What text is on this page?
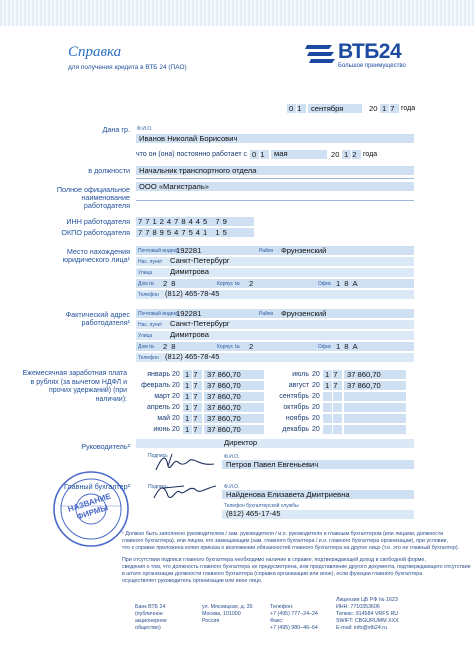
Справка
для получения кредита в ВТБ 24 (ПАО)
ВТБ24
Большое преимущество
01 сентября	20 17 года
Дана гр. Ф.И.О.
Иванов Николай Борисович
что он (она) постоянно работает с 01 мая	20 12 года
в должности Начальник транспортного отдела
Полное официальное наименование работодателя
ООО «Магистраль»
ИНН работодателя 7712478445 79
ОКПО работодателя 7789547541 15
Место нахождения юридического лица¹
Почтовый индекс
192281	Район Фрунзенский
Нас. пункт Санкт-Петербург
Улица Димитрова
Дом № 28	Корпус № 2	Офис 18А
Телефон (812) 465-78-45
Фактический адрес работодателя¹
Почтовый индекс
192281	Район Фрунзенский
Нас. пункт Санкт-Петербург
Улица Димитрова
Дом № 28	Корпус № 2	Офис 18А
Телефон (812) 465-78-45
Ежемесячная заработная плата в рублях (за вычетом НДФЛ и прочих удержаний) (при наличии):
январь 20 17 37 860,70
февраль 20 17 37 860,70
март 20 17 37 860,70
апрель 20 17 37 860,70
май 20 17 37 860,70
июнь 20 17 37 860,70
июль 20 17 37 860,70
август 20 17 37 860,70
сентябрь 20
октябрь 20
ноябрь 20
декабрь 20
Руководитель²	Директор
Подпись	Ф.И.О.
Петров Павел Евгеньевич
Главный бухгалтер²	Подпись	Ф.И.О.
Найденова Елизавета Дмитриевна
Телефон бухгалтерской службы
(812) 465-17-45
НАЗВАНИЕ ФИРМЫ
¹ Должно быть заполнено руководителем / зам. руководителя / и.о. руководителя и главным бухгалтером (или лицами, должности
главного бухгалтера), или лицом, его замещающим (зам. главного бухгалтера / и.о. главного бухгалтера организации), при условии,
что к справке приложена копия приказа о возложении обязанностей главного бухгалтера на другое лицо (т.е. это не главный бухгалтер).
При отсутствии подписи главного бухгалтера необходимо наличие в справке, подтверждающей доход в свободной форме,
сведения о том, что должность главного бухгалтера не предусмотрена, или представление другого документа, подтверждающего отсутствие
в штате организации должности главного бухгалтера (справка организации или иное), если функции главного бухгалтера
осуществляет руководитель организации или иное лицо.
Банк ВТБ 24
(публичное
акционерное
общество)
ул. Мясницкая, д. 35
Москва, 101000
Россия
Телефон:
+7 (495) 777–24–24
Факс:
+7 (495) 980–46–64
Лицензия ЦБ РФ № 1623
ИНН: 7710353606
Телекс: 914584 VRFS RU
SWIFT: CBGURUMM XXX
E-mail: info@vtb24.ru
